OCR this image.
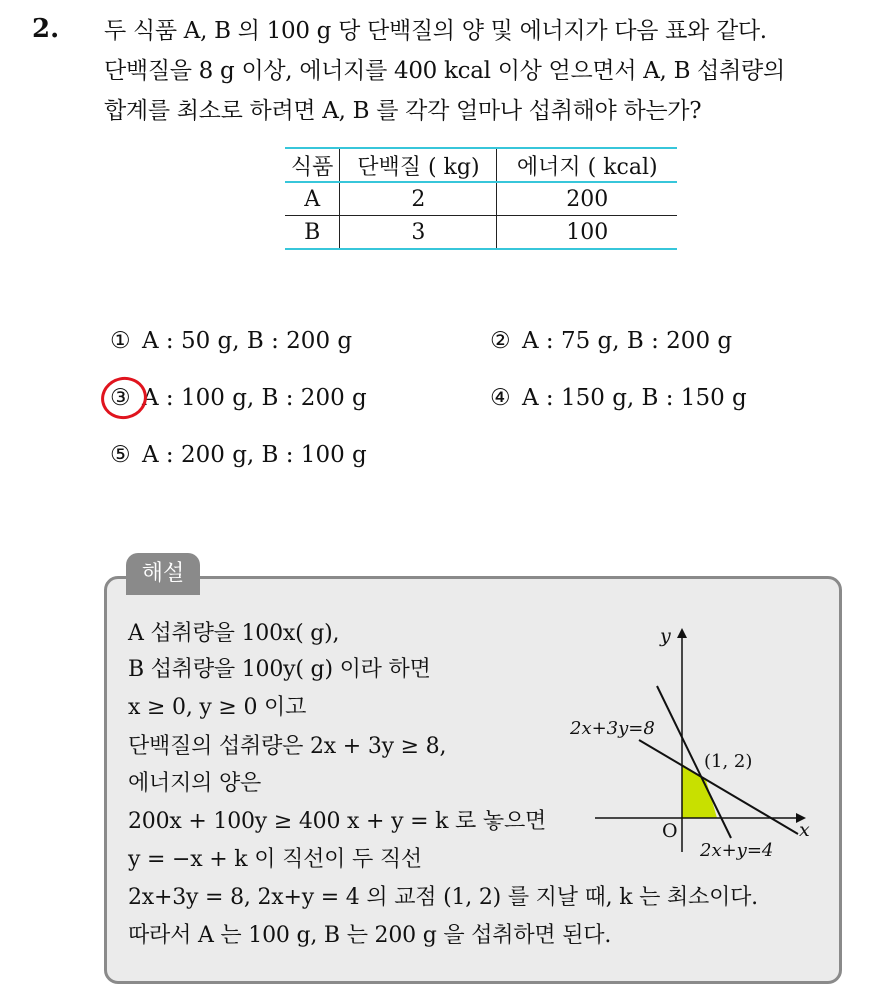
2. 두 식품 A, B 의 100 g 당 단백질의 양 및 에너지가 다음 표와 같다.
단백질을 8 g 이상, 에너지를 400 kcal 이상 얻으면서 A, B 섭취량의
합계를 최소로 하려면 A, B 를 각각 얼마나 섭취해야 하는가?
식품	단백질 ( kg)	에너지 ( kcal)
A	2	200
B	3	100
① A : 50 g, B : 200 g	② A : 75 g, B : 200 g
③ A : 100 g, B : 200 g	④ A : 150 g, B : 150 g
⑤ A : 200 g, B : 100 g
해설
A 섭취량을 100x( g),
B 섭취량을 100y( g) 이라 하면
x ≥ 0, y ≥ 0 이고
단백질의 섭취량은 2x + 3y ≥ 8,
에너지의 양은
200x + 100y ≥ 400 x + y = k 로 놓으면
y = −x + k 이 직선이 두 직선
2x+3y = 8, 2x+y = 4 의 교점 (1, 2) 를 지날 때, k 는 최소이다.
따라서 A 는 100 g, B 는 200 g 을 섭취하면 된다.
y
x
O
2x+3y=8
2x+y=4
(1, 2)
